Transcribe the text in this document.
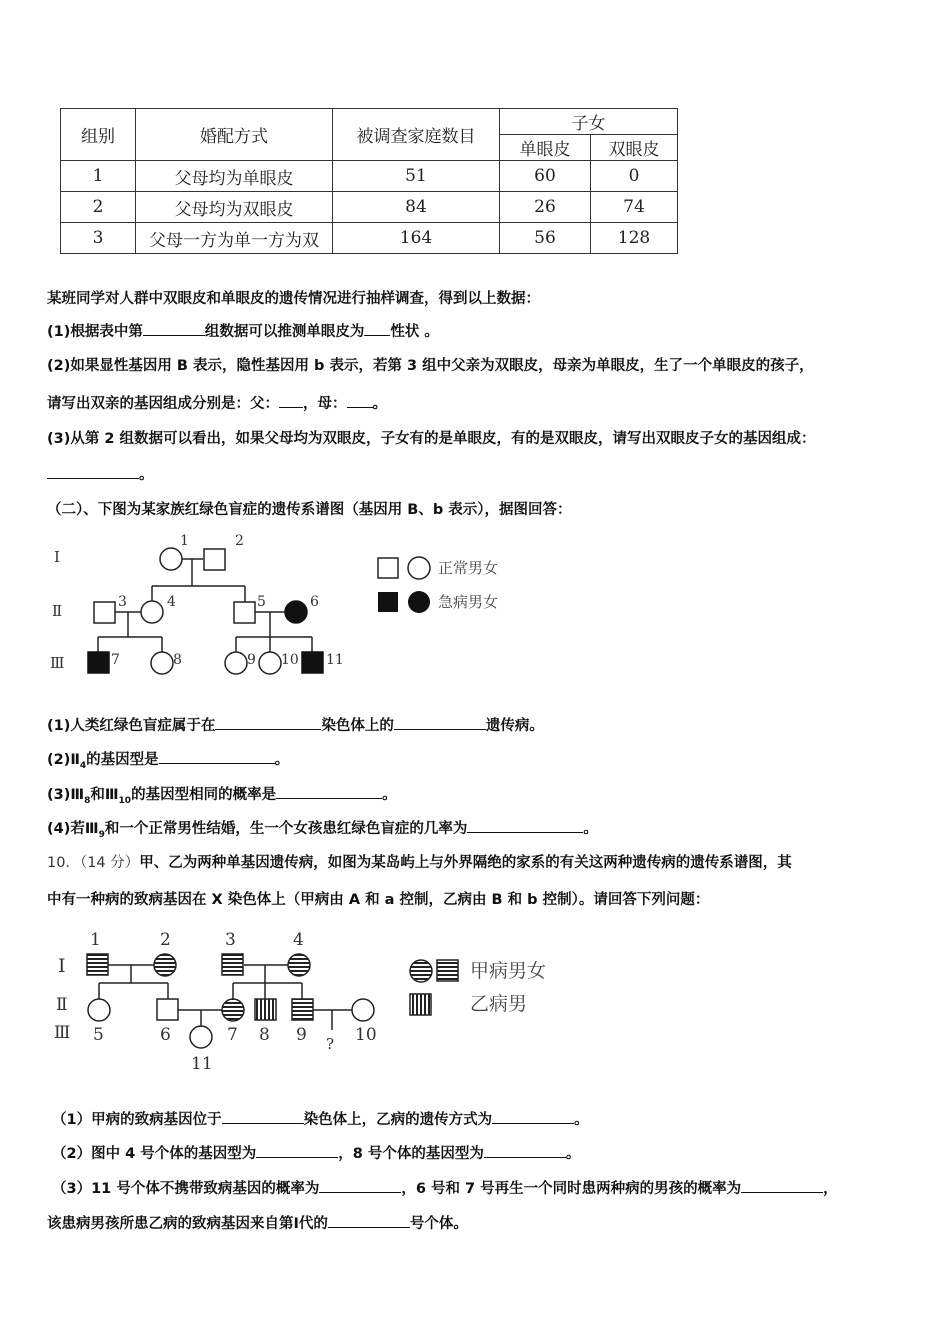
组别	婚配方式	被调查家庭数目	子女	
			单眼皮	双眼皮
1	父母均为单眼皮	51	60	0
2	父母均为双眼皮	84	26	74
3	父母一方为单一方为双	164	56	128
某班同学对人群中双眼皮和单眼皮的遗传情况进行抽样调查，得到以上数据：
(1)根据表中第	组数据可以推测单眼皮为 性状 。
(2)如果显性基因用 B 表示，隐性基因用 b 表示，若第 3 组中父亲为双眼皮，母亲为单眼皮，生了一个单眼皮的孩子，
请写出双亲的基因组成分别是：父： ，母： 。
(3)从第 2 组数据可以看出，如果父母均为双眼皮，子女有的是单眼皮，有的是双眼皮，请写出双眼皮子女的基因组成：
。
（二）、下图为某家族红绿色盲症的遗传系谱图（基因用 B、b 表示），据图回答：
1	2
3	4	5	6
7	8	9 10 11
Ⅰ
Ⅱ
Ⅲ
正常男女
急病男女
(1)人类红绿色盲症属于在	染色体上的	遗传病。
$(2)Ⅱ_4$的基因型是	。
$(3)Ⅲ_8$和$Ⅲ_{10}$的基因型相同的概率是	。
(4)若$Ⅲ_9$和一个正常男性结婚，生一个女孩患红绿色盲症的几率为	。
10．（14 分）甲、乙为两种单基因遗传病，如图为某岛屿上与外界隔绝的家系的有关这两种遗传病的遗传系谱图，其
中有一种病的致病基因在 X 染色体上（甲病由 A 和 a 控制，乙病由 B 和 b 控制）。请回答下列问题：
?
1	2	3	4
5	6	7 8 9	10
11
Ⅰ
Ⅱ
Ⅲ
甲病男女
乙病男
（1）甲病的致病基因位于	染色体上，乙病的遗传方式为	。
（2）图中 4 号个体的基因型为	，8 号个体的基因型为	。
（3）11 号个体不携带致病基因的概率为	，6 号和 7 号再生一个同时患两种病的男孩的概率为	，
该患病男孩所患乙病的致病基因来自第Ⅰ代的	号个体。
